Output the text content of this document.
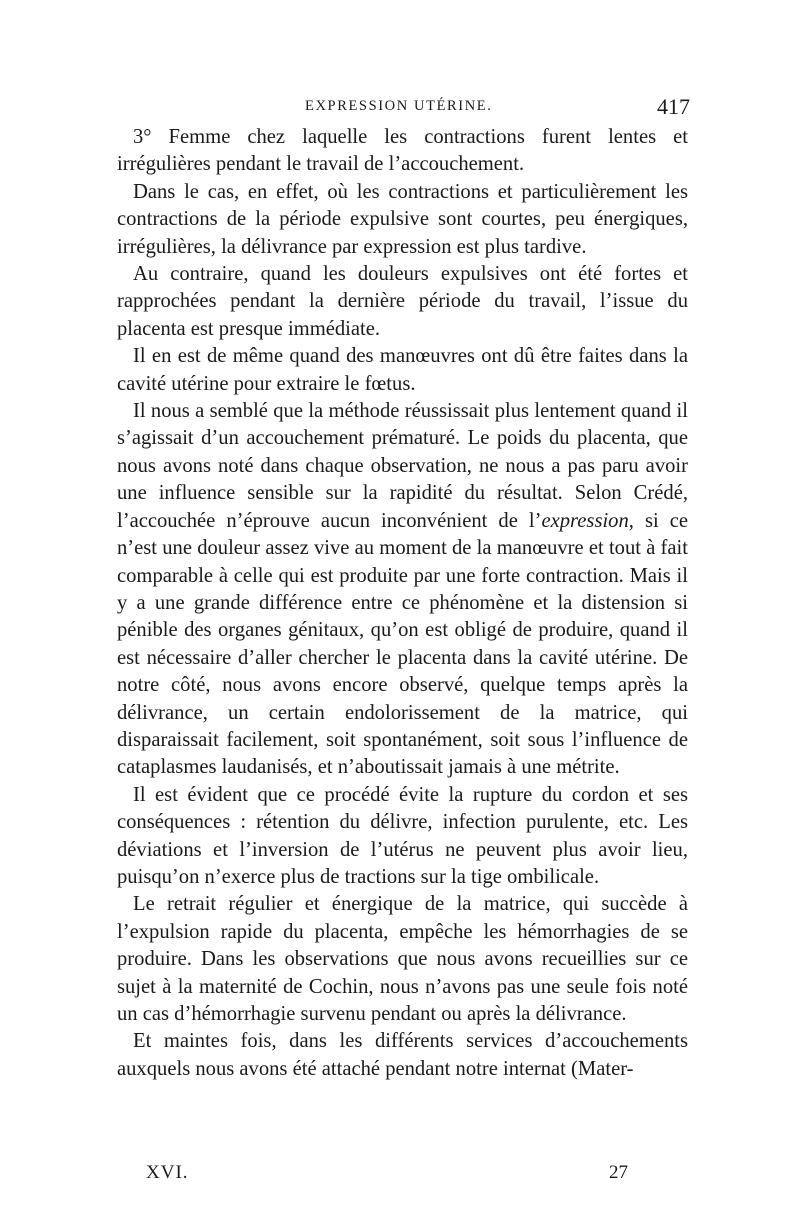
EXPRESSION UTÉRINE.	417

3° Femme chez laquelle les contractions furent lentes et irrégulières pendant le travail de l’accouchement.

Dans le cas, en effet, où les contractions et particulièrement les contractions de la période expulsive sont courtes, peu énergiques, irrégulières, la délivrance par expression est plus tardive.

Au contraire, quand les douleurs expulsives ont été fortes et rapprochées pendant la dernière période du travail, l’issue du placenta est presque immédiate.

Il en est de même quand des manœuvres ont dû être faites dans la cavité utérine pour extraire le fœtus.

Il nous a semblé que la méthode réussissait plus lentement quand il s’agissait d’un accouchement prématuré. Le poids du placenta, que nous avons noté dans chaque observation, ne nous a pas paru avoir une influence sensible sur la rapidité du résultat. Selon Crédé, l’accouchée n’éprouve aucun inconvénient de l’expression, si ce n’est une douleur assez vive au moment de la manœuvre et tout à fait comparable à celle qui est produite par une forte contraction. Mais il y a une grande différence entre ce phénomène et la distension si pénible des organes génitaux, qu’on est obligé de produire, quand il est nécessaire d’aller chercher le placenta dans la cavité utérine. De notre côté, nous avons encore observé, quelque temps après la délivrance, un certain endolorissement de la matrice, qui disparaissait facilement, soit spontanément, soit sous l’influence de cataplasmes laudanisés, et n’aboutissait jamais à une métrite.

Il est évident que ce procédé évite la rupture du cordon et ses conséquences : rétention du délivre, infection purulente, etc. Les déviations et l’inversion de l’utérus ne peuvent plus avoir lieu, puisqu’on n’exerce plus de tractions sur la tige ombilicale.

Le retrait régulier et énergique de la matrice, qui succède à l’expulsion rapide du placenta, empêche les hémorrhagies de se produire. Dans les observations que nous avons recueillies sur ce sujet à la maternité de Cochin, nous n’avons pas une seule fois noté un cas d’hémorrhagie survenu pendant ou après la délivrance.

Et maintes fois, dans les différents services d’accouchements auxquels nous avons été attaché pendant notre internat (Mater-

XVI.	27
